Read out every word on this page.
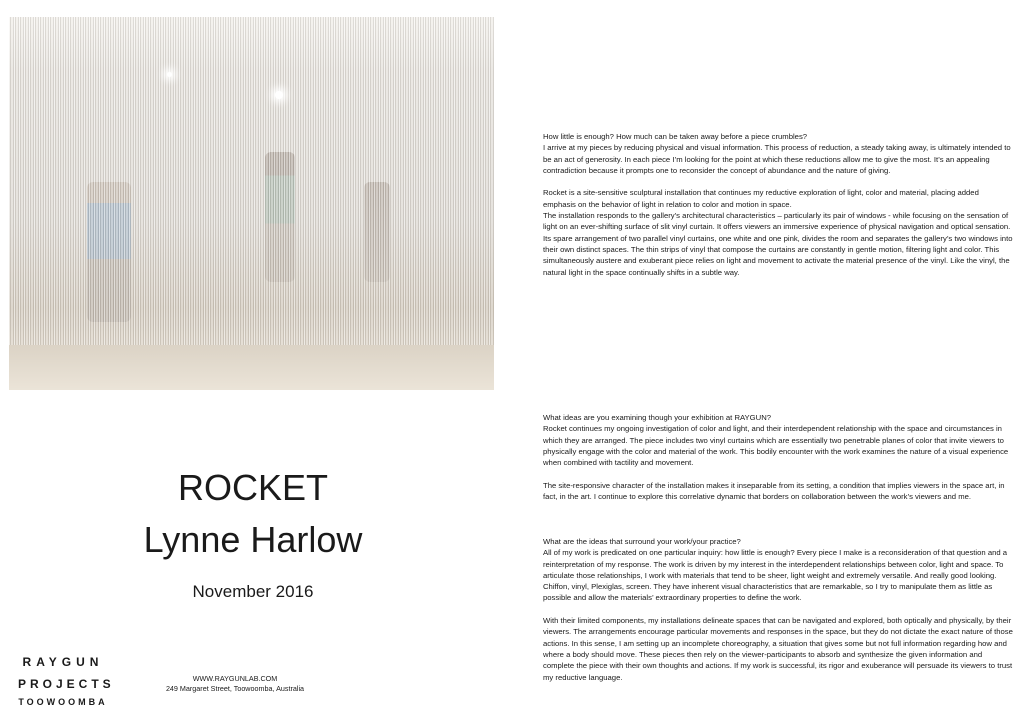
How little is enough? How much can be taken away before a piece crumbles?

I arrive at my pieces by reducing physical and visual information. This process of reduction, a steady taking away, is ultimately intended to be an act of generosity. In each piece I’m looking for the point at which these reductions allow me to give the most. It’s an appealing contradiction because it prompts one to reconsider the concept of abundance and the nature of giving.

Rocket is a site-sensitive sculptural installation that continues my reductive exploration of light, color and material, placing added emphasis on the behavior of light in relation to color and motion in space.

The installation responds to the gallery’s architectural characteristics – particularly its pair of windows - while focusing on the sensation of light on an ever-shifting surface of slit vinyl curtain. It offers viewers an immersive experience of physical navigation and optical sensation. Its spare arrangement of two parallel vinyl curtains, one white and one pink, divides the room and separates the gallery’s two windows into their own distinct spaces. The thin strips of vinyl that compose the curtains are constantly in gentle motion, filtering light and color. This simultaneously austere and exuberant piece relies on light and movement to activate the material presence of the vinyl. Like the vinyl, the natural light in the space continually shifts in a subtle way.

What ideas are you examining though your exhibition at RAYGUN?

Rocket continues my ongoing investigation of color and light, and their interdependent relationship with the space and circumstances in which they are arranged. The piece includes two vinyl curtains which are essentially two penetrable planes of color that invite viewers to physically engage with the color and material of the work. This bodily encounter with the work examines the nature of a visual experience when combined with tactility and movement.

The site-responsive character of the installation makes it inseparable from its setting, a condition that implies viewers in the space art, in fact, in the art. I continue to explore this correlative dynamic that borders on collaboration between the work’s viewers and me.

What are the ideas that surround your work/your practice?

All of my work is predicated on one particular inquiry: how little is enough? Every piece I make is a reconsideration of that question and a reinterpretation of my response. The work is driven by my interest in the interdependent relationships between color, light and space. To articulate those relationships, I work with materials that tend to be sheer, light weight and extremely versatile. And really good looking. Chiffon, vinyl, Plexiglas, screen. They have inherent visual characteristics that are remarkable, so I try to manipulate them as little as possible and allow the materials’ extraordinary properties to define the work.

With their limited components, my installations delineate spaces that can be navigated and explored, both optically and physically, by their viewers. The arrangements encourage particular movements and responses in the space, but they do not dictate the exact nature of those actions. In this sense, I am setting up an incomplete choreography, a situation that gives some but not full information regarding how and where a body should move. These pieces then rely on the viewer-participants to absorb and synthesize the given information and complete the piece with their own thoughts and actions. If my work is successful, its rigor and exuberance will persuade its viewers to trust my reductive language.

ROCKET
Lynne Harlow
November 2016
RAYGUN
PROJECTS
TOOWOOMBA
WWW.RAYGUNLAB.COM
249 Margaret Street, Toowoomba, Australia
